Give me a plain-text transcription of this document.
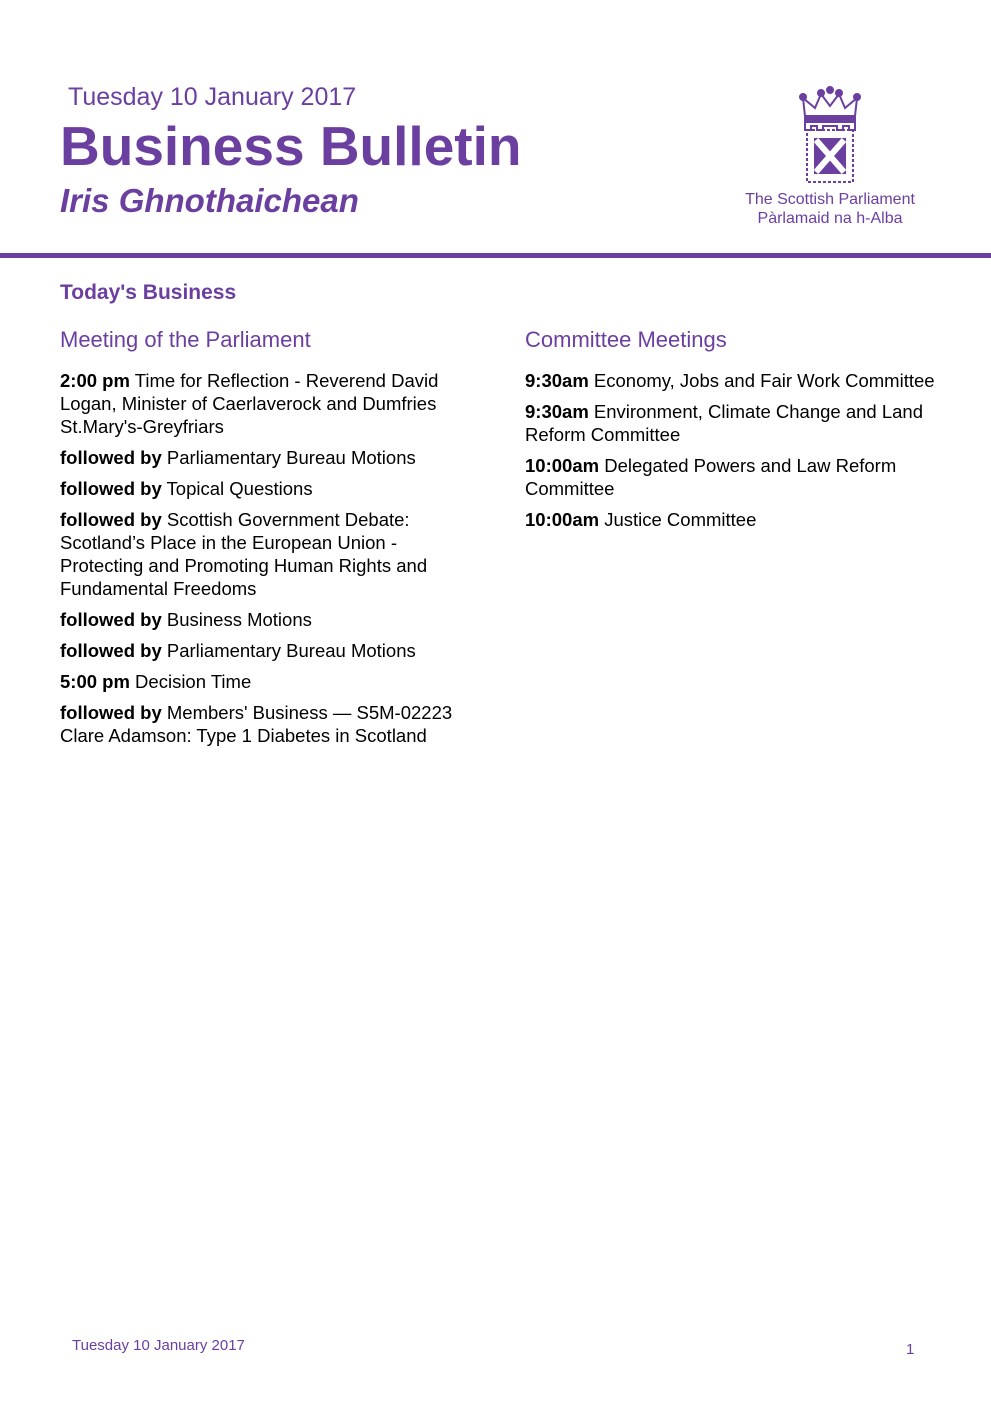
Tuesday 10 January 2017
Business Bulletin
Iris Ghnothaichean	The Scottish Parliament
Pàrlamaid na h-Alba
Today's Business
Meeting of the Parliament
2:00 pm Time for Reflection - Reverend David Logan, Minister of Caerlaverock and Dumfries St.Mary's-Greyfriars
followed by Parliamentary Bureau Motions
followed by Topical Questions
followed by Scottish Government Debate: Scotland’s Place in the European Union - Protecting and Promoting Human Rights and Fundamental Freedoms
followed by Business Motions
followed by Parliamentary Bureau Motions
5:00 pm Decision Time
followed by Members' Business — S5M-02223 Clare Adamson: Type 1 Diabetes in Scotland
Committee Meetings
9:30am Economy, Jobs and Fair Work Committee
9:30am Environment, Climate Change and Land Reform Committee
10:00am Delegated Powers and Law Reform Committee
10:00am Justice Committee
Tuesday 10 January 2017	1
